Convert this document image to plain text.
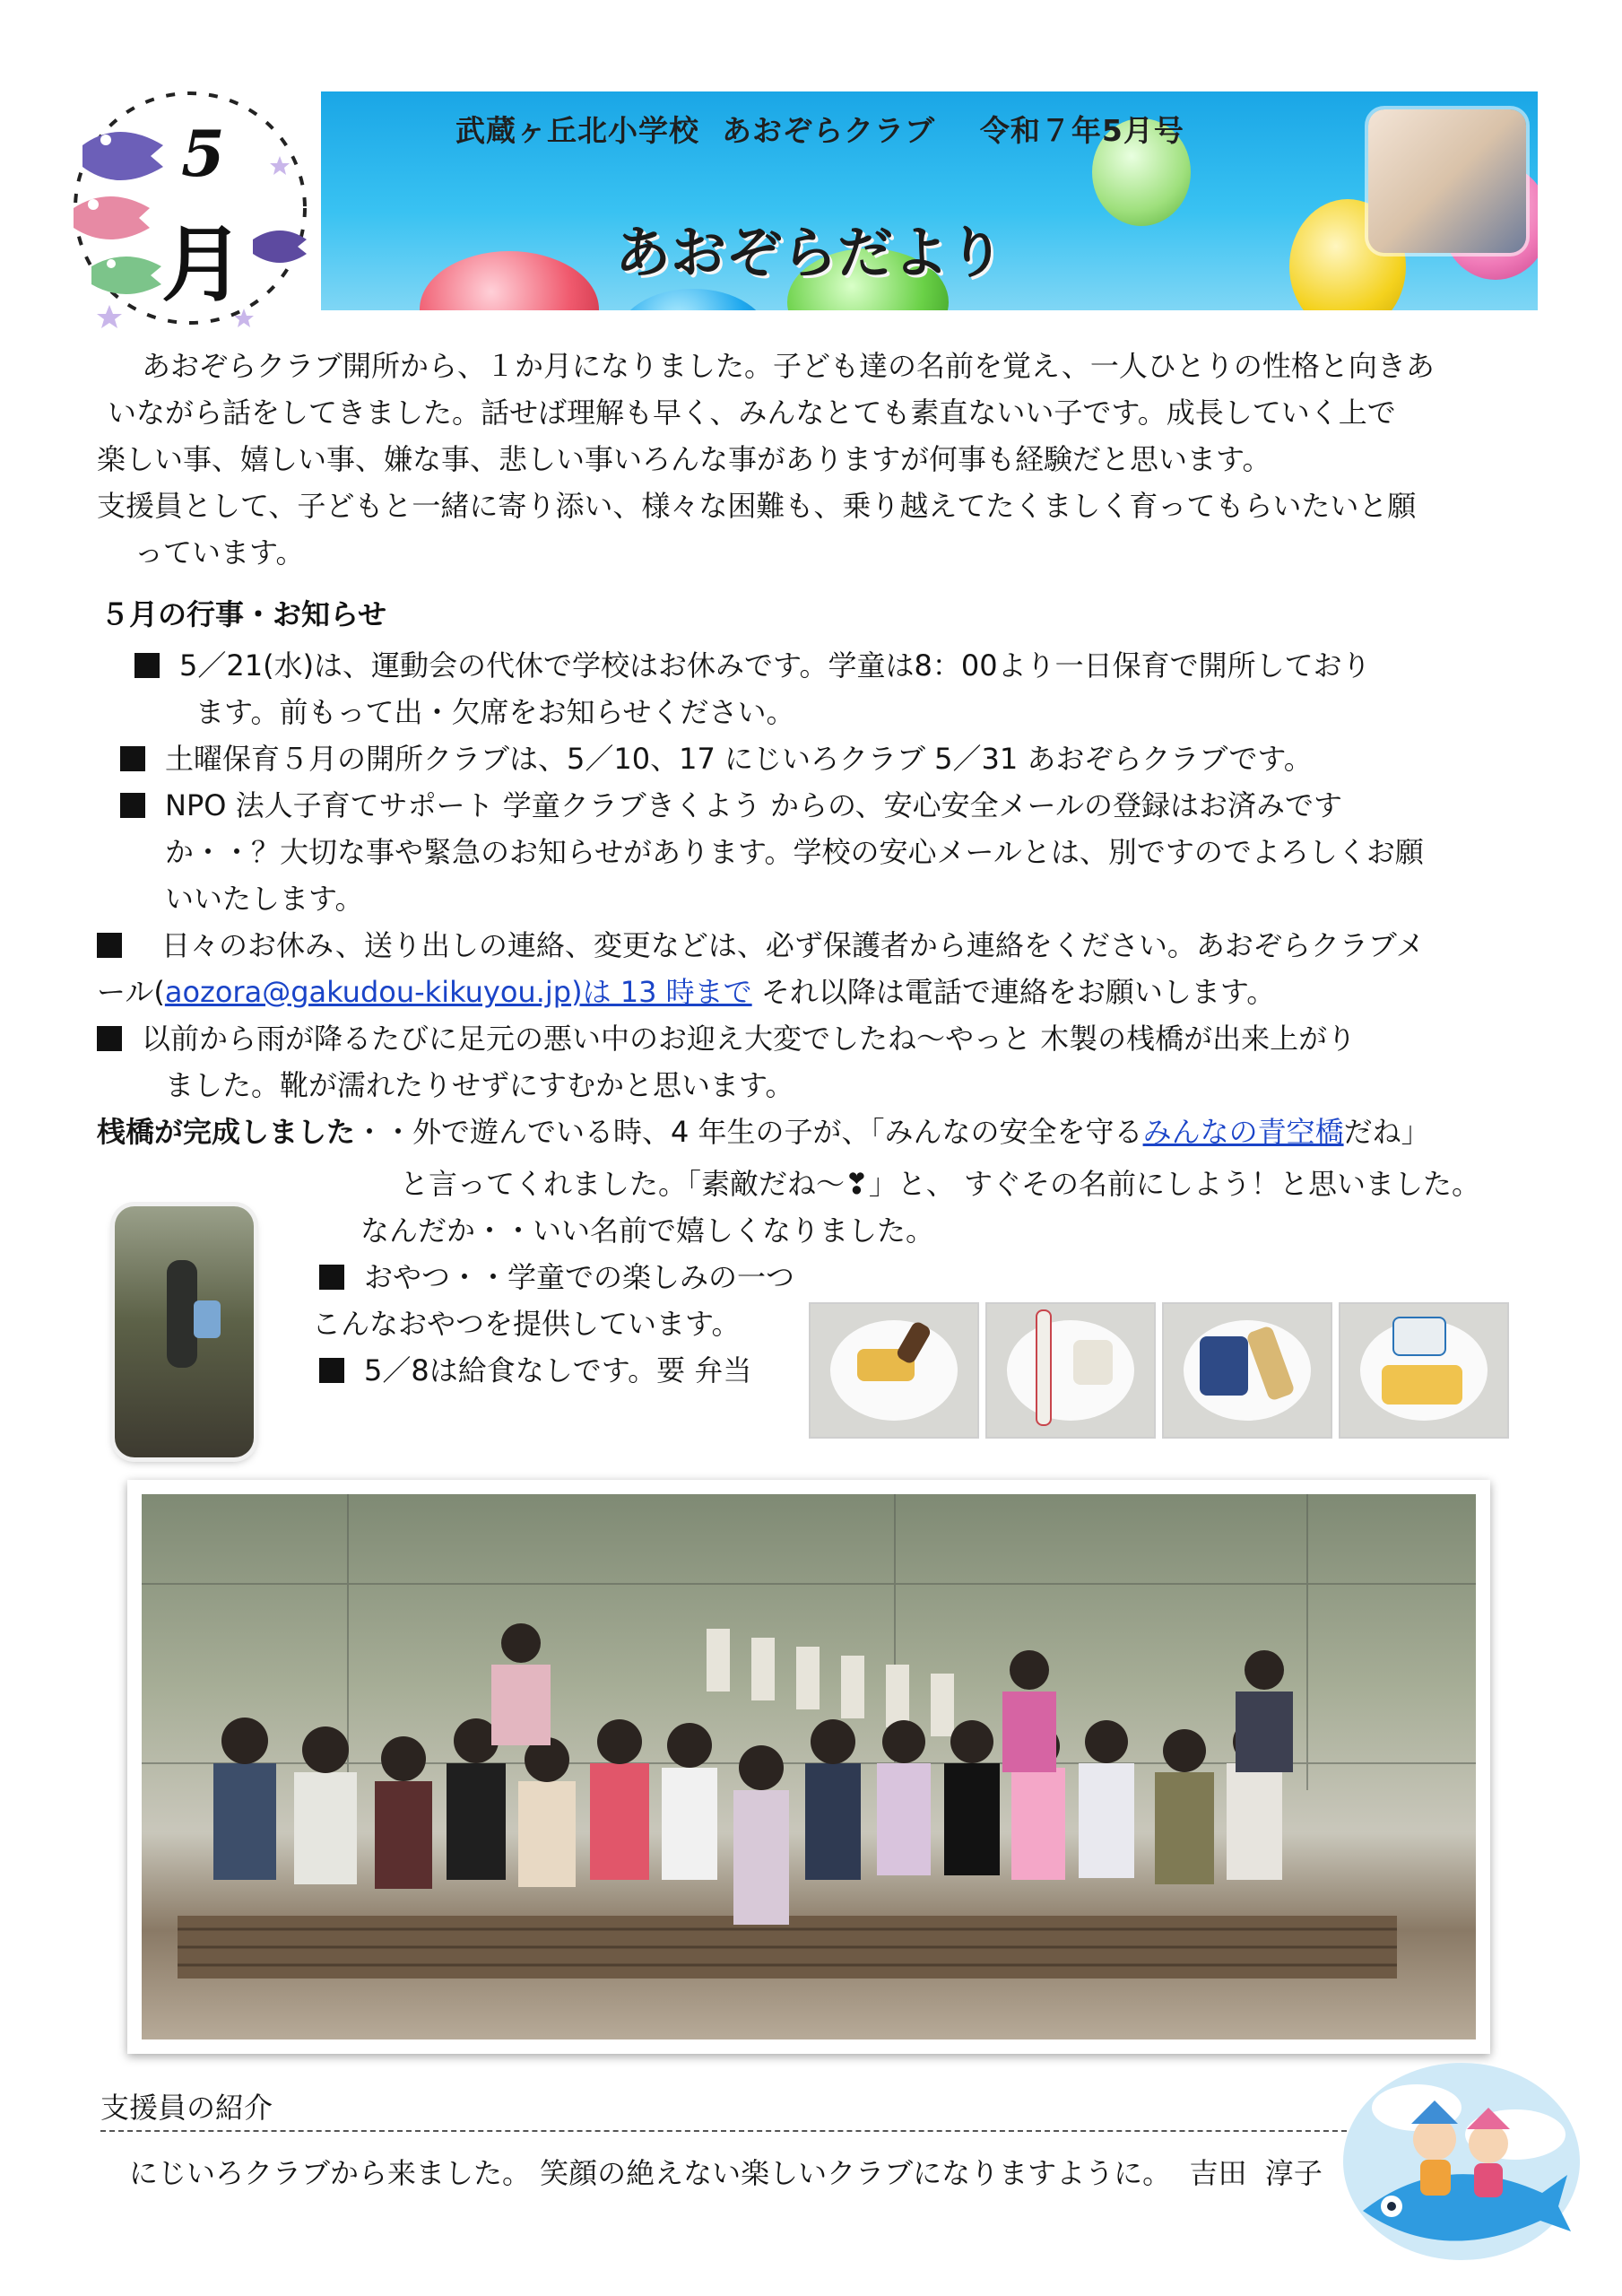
5
月
武蔵ヶ丘北小学校  あおぞらクラブ    令和７年5月号
あおぞらだより

あおぞらクラブ開所から、１か月になりました。子ども達の名前を覚え、一人ひとりの性格と向きあ

いながら話をしてきました。話せば理解も早く、みんなとても素直ないい子です。成長していく上で

楽しい事、嬉しい事、嫌な事、悲しい事いろんな事がありますが何事も経験だと思います。

支援員として、子どもと一緒に寄り添い、様々な困難も、乗り越えてたくましく育ってもらいたいと願

っています。

５月の行事・お知らせ
5／21(水)は、運動会の代休で学校はお休みです。学童は8：00より一日保育で開所しており
ます。前もって出・欠席をお知らせください。
土曜保育５月の開所クラブは、5／10、17 にじいろクラブ 5／31 あおぞらクラブです。
NPO 法人子育てサポート 学童クラブきくよう からの、安心安全メールの登録はお済みです
か・・？大切な事や緊急のお知らせがあります。学校の安心メールとは、別ですのでよろしくお願
いいたします。
日々のお休み、送り出しの連絡、変更などは、必ず保護者から連絡をください。あおぞらクラブメ
ール(aozora@gakudou-kikuyou.jp)は 13 時まで それ以降は電話で連絡をお願いします。
以前から雨が降るたびに足元の悪い中のお迎え大変でしたね～やっと 木製の桟橋が出来上がり
ました。靴が濡れたりせずにすむかと思います。
桟橋が完成しました・・外で遊んでいる時、4 年生の子が、「みんなの安全を守るみんなの青空橋だね」
と言ってくれました。「素敵だね～❣」と、 すぐその名前にしよう！と思いました。
なんだか・・いい名前で嬉しくなりました。
おやつ・・学童での楽しみの一つ
こんなおやつを提供しています。
5／8は給食なしです。要 弁当
支援員の紹介
にじいろクラブから来ました。 笑顔の絶えない楽しいクラブになりますように。  吉田  淳子
